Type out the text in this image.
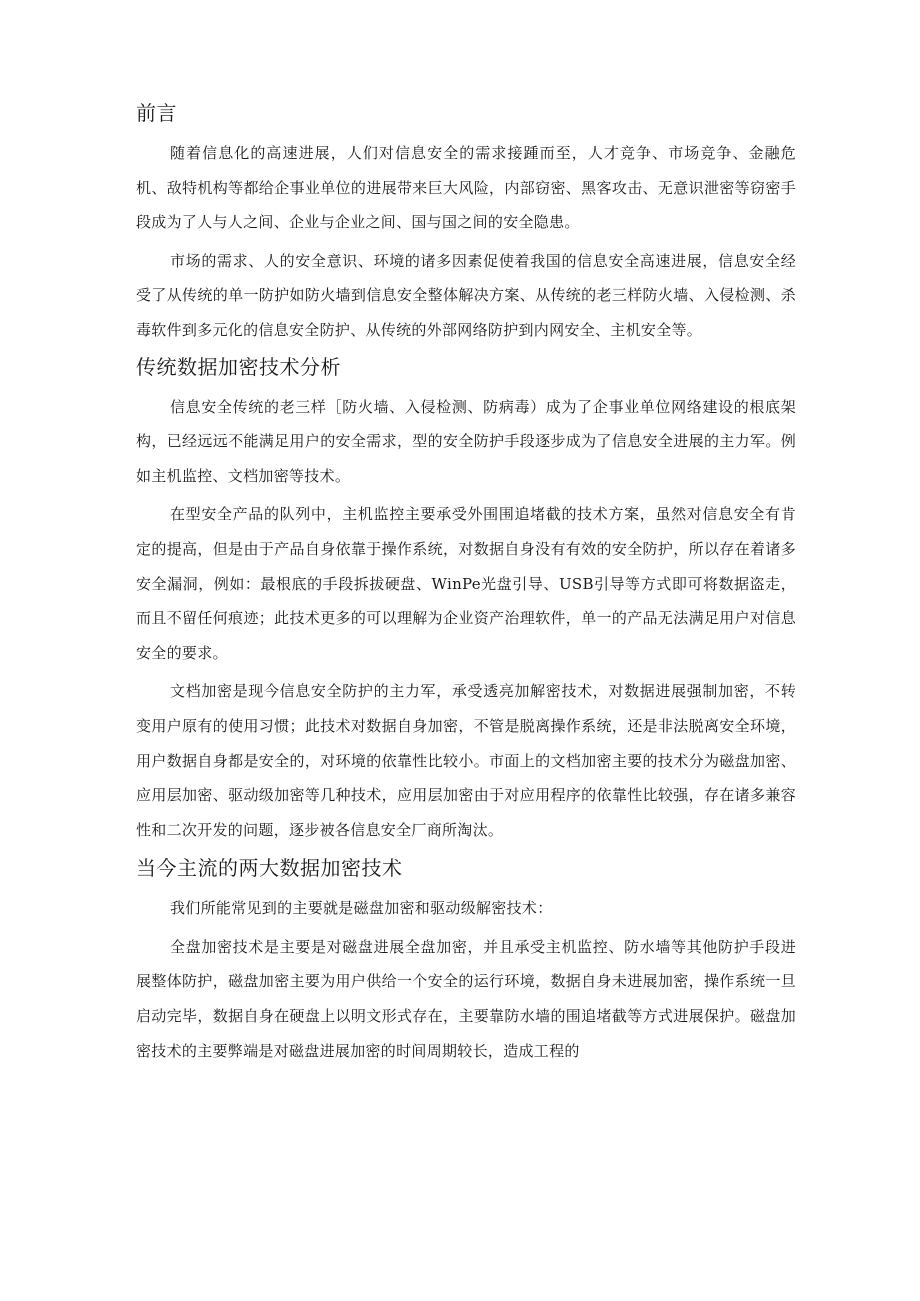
前言

随着信息化的高速进展，人们对信息安全的需求接踵而至，人才竞争、市场竞争、金融危机、敌特机构等都给企事业单位的进展带来巨大风险，内部窃密、黑客攻击、无意识泄密等窃密手段成为了人与人之间、企业与企业之间、国与国之间的安全隐患。

市场的需求、人的安全意识、环境的诸多因素促使着我国的信息安全高速进展，信息安全经受了从传统的单一防护如防火墙到信息安全整体解决方案、从传统的老三样防火墙、入侵检测、杀毒软件到多元化的信息安全防护、从传统的外部网络防护到内网安全、主机安全等。

传统数据加密技术分析

信息安全传统的老三样［防火墙、入侵检测、防病毒）成为了企事业单位网络建设的根底架构，已经远远不能满足用户的安全需求，型的安全防护手段逐步成为了信息安全进展的主力军。例如主机监控、文档加密等技术。

在型安全产品的队列中，主机监控主要承受外围围追堵截的技术方案，虽然对信息安全有肯定的提高，但是由于产品自身依靠于操作系统，对数据自身没有有效的安全防护，所以存在着诸多安全漏洞，例如：最根底的手段拆拔硬盘、WinPe光盘引导、USB引导等方式即可将数据盗走，而且不留任何痕迹；此技术更多的可以理解为企业资产治理软件，单一的产品无法满足用户对信息安全的要求。

文档加密是现今信息安全防护的主力军，承受透亮加解密技术，对数据进展强制加密，不转变用户原有的使用习惯；此技术对数据自身加密，不管是脱离操作系统，还是非法脱离安全环境，用户数据自身都是安全的，对环境的依靠性比较小。市面上的文档加密主要的技术分为磁盘加密、应用层加密、驱动级加密等几种技术，应用层加密由于对应用程序的依靠性比较强，存在诸多兼容性和二次开发的问题，逐步被各信息安全厂商所淘汰。

当今主流的两大数据加密技术

我们所能常见到的主要就是磁盘加密和驱动级解密技术：

全盘加密技术是主要是对磁盘进展全盘加密，并且承受主机监控、防水墙等其他防护手段进展整体防护，磁盘加密主要为用户供给一个安全的运行环境，数据自身未进展加密，操作系统一旦启动完毕，数据自身在硬盘上以明文形式存在，主要靠防水墙的围追堵截等方式进展保护。磁盘加密技术的主要弊端是对磁盘进展加密的时间周期较长，造成工程的
